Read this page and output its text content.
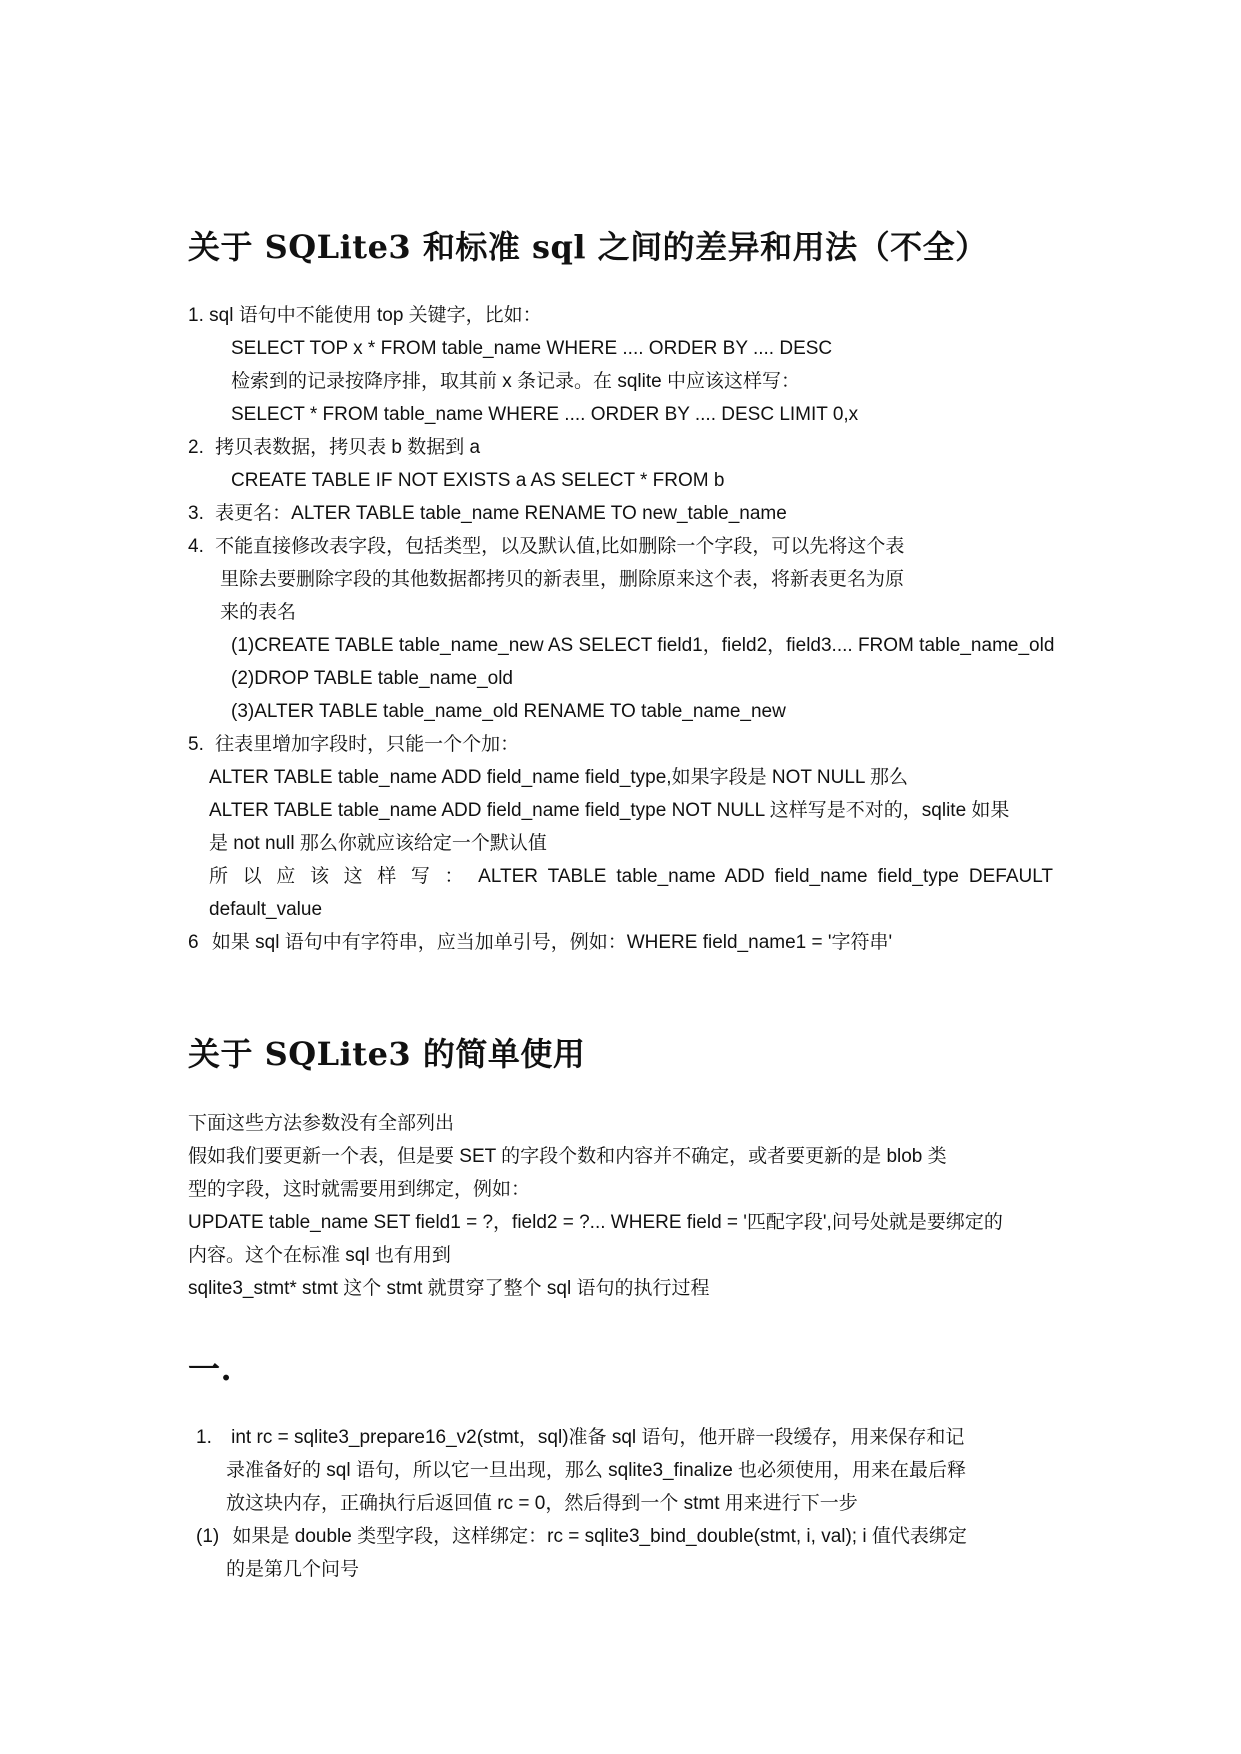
关于 SQLite3 和标准 sql 之间的差异和用法（不全）
1. sql 语句中不能使用 top 关键字，比如：
SELECT TOP x * FROM table_name WHERE .... ORDER BY .... DESC
检索到的记录按降序排，取其前 x 条记录。在 sqlite 中应该这样写：
SELECT * FROM table_name WHERE .... ORDER BY .... DESC LIMIT 0,x
2. 拷贝表数据，拷贝表 b 数据到 a
CREATE TABLE IF NOT EXISTS a AS SELECT * FROM b
3. 表更名：ALTER TABLE table_name RENAME TO new_table_name
4. 不能直接修改表字段，包括类型，以及默认值,比如删除一个字段，可以先将这个表
里除去要删除字段的其他数据都拷贝的新表里，删除原来这个表，将新表更名为原
来的表名
(1)CREATE TABLE table_name_new AS SELECT field1，field2，field3.... FROM table_name_old
(2)DROP TABLE table_name_old
(3)ALTER TABLE table_name_old RENAME TO table_name_new
5. 往表里增加字段时，只能一个个加：
ALTER TABLE table_name ADD field_name field_type,如果字段是 NOT NULL 那么
ALTER TABLE table_name ADD field_name field_type NOT NULL 这样写是不对的，sqlite 如果
是 not null 那么你就应该给定一个默认值
所 以 应 该 这 样 写 ： ALTER TABLE table_name ADD field_name field_type DEFAULT
default_value
6 如果 sql 语句中有字符串，应当加单引号，例如：WHERE field_name1 = '字符串'
关于 SQLite3 的简单使用
下面这些方法参数没有全部列出
假如我们要更新一个表，但是要 SET 的字段个数和内容并不确定，或者要更新的是 blob 类
型的字段，这时就需要用到绑定，例如：
UPDATE table_name SET field1 = ?，field2 = ?... WHERE field = '匹配字段',问号处就是要绑定的
内容。这个在标准 sql 也有用到
sqlite3_stmt* stmt 这个 stmt 就贯穿了整个 sql 语句的执行过程
一.
1. int rc = sqlite3_prepare16_v2(stmt，sql)准备 sql 语句，他开辟一段缓存，用来保存和记
录准备好的 sql 语句，所以它一旦出现，那么 sqlite3_finalize 也必须使用，用来在最后释
放这块内存，正确执行后返回值 rc = 0，然后得到一个 stmt 用来进行下一步
(1) 如果是 double 类型字段，这样绑定：rc = sqlite3_bind_double(stmt, i, val); i 值代表绑定
的是第几个问号
